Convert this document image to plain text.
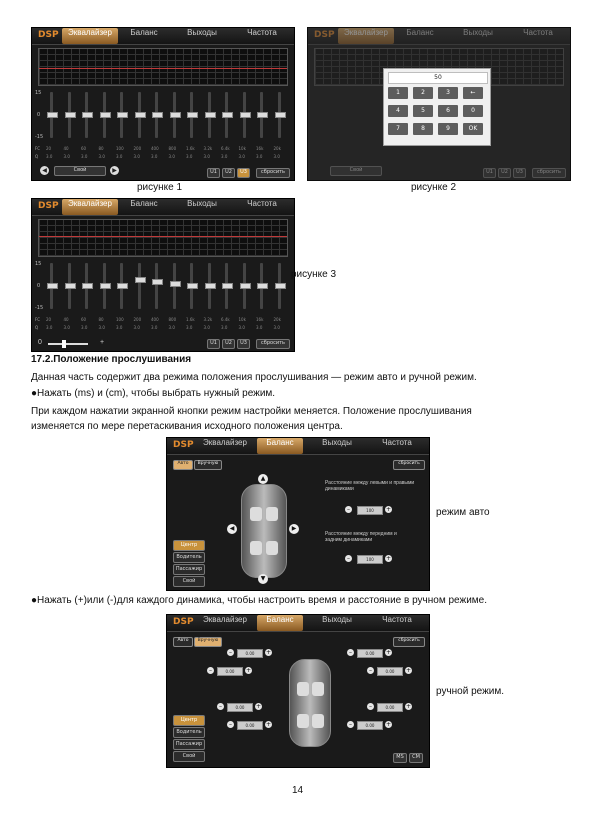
DSP	Эквалайзер	Баланс	Выходы	Частота
15
0
-15
FC
Q
20	40	60	80	100 200 400 800 1.6k 3.2k 6.4k 10k	16k	20k
3.0	3.0	3.0	3.0	3.0	3.0	3.0	3.0	3.0	3.0	3.0	3.0	3.0	3.0
◀	Свой	▶	U1	U2	U3	сбросить
рисунке 1
DSP	Эквалайзер	Баланс	Выходы	Частота
50
1	2	3	←
4	5	6	0
7	8	9	OK
Свой	U1	U2	U3	сбросить
рисунке 2
DSP	Эквалайзер	Баланс	Выходы	Частота
15
0
-15
FC
Q
20	40	60	80	100 200 400 800 1.6k 3.2k 6.4k 10k	16k	20k
3.0	3.0	3.0	3.0	3.0	3.0	3.0	3.0	3.0	3.0	3.0	3.0	3.0	3.0
0	+	U1	U2	U3	сбросить
рисунке 3
17.2.Положение прослушивания
Данная часть содержит два режима положения прослушивания — режим авто и ручной режим.
●Нажать (ms) и (cm), чтобы выбрать нужный режим.
При каждом нажатии экранной кнопки режим настройки меняется. Положение прослушивания
изменяется по мере перетаскивания исходного положения центра.
DSP	Эквалайзер	Баланс	Выходы	Частота
Авто	Вручную	сбросить
▲
▼
◀	▶
Расстояние между левыми и правыми динамиками
–	100	+
Расстояние между передним и задним динамиками
–	100	+
Центр
Водитель
Пассажир
Свой
режим авто
●Нажать (+)или (-)для каждого динамика, чтобы настроить время и расстояние в ручном режиме.
DSP	Эквалайзер	Баланс	Выходы	Частота
Авто	Вручную	сбросить
–	0.00	+	–	0.00	+
–	0.00	+	–	0.00	+
–	0.00	+	–	0.00	+
–	0.00	+	–	0.00	+
Центр
Водитель
Пассажир
Свой	MS	CM
ручной режим.
14
